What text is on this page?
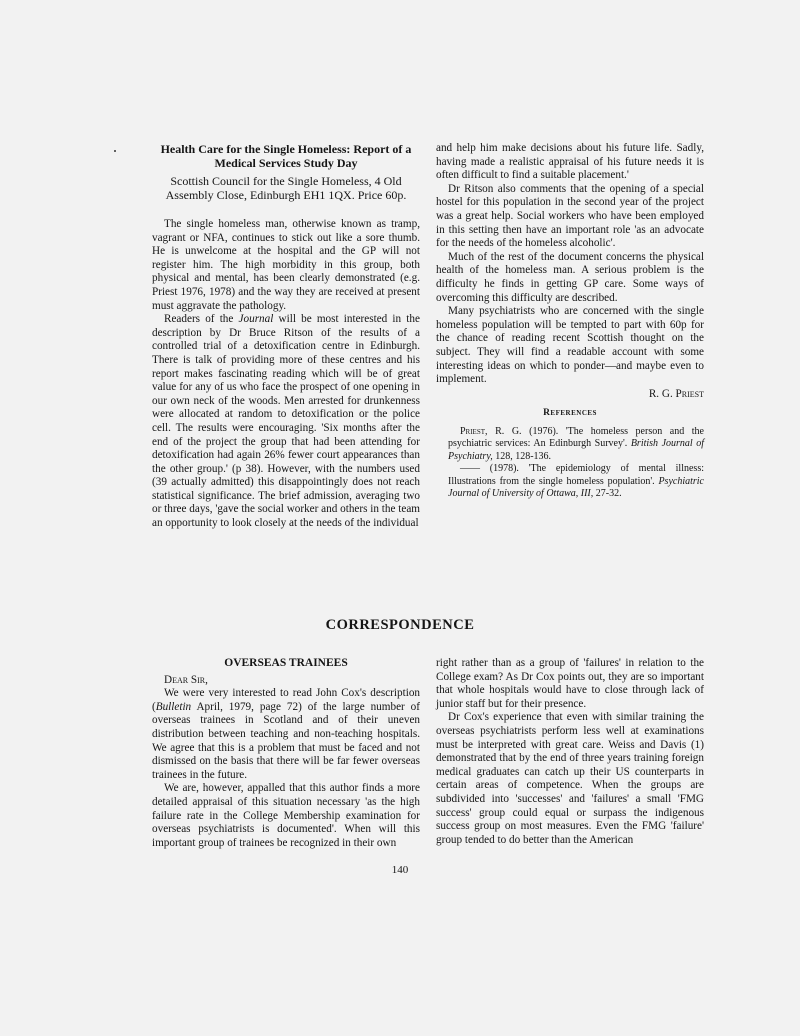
Health Care for the Single Homeless: Report of a Medical Services Study Day
Scottish Council for the Single Homeless, 4 Old Assembly Close, Edinburgh EH1 1QX. Price 60p.

The single homeless man, otherwise known as tramp, vagrant or NFA, continues to stick out like a sore thumb. He is unwelcome at the hospital and the GP will not register him. The high morbidity in this group, both physical and mental, has been clearly demonstrated (e.g. Priest 1976, 1978) and the way they are received at present must aggravate the pathology.

Readers of the Journal will be most interested in the description by Dr Bruce Ritson of the results of a controlled trial of a detoxification centre in Edinburgh. There is talk of providing more of these centres and his report makes fascinating reading which will be of great value for any of us who face the prospect of one opening in our own neck of the woods. Men arrested for drunkenness were allocated at random to detoxification or the police cell. The results were encouraging. 'Six months after the end of the project the group that had been attending for detoxification had again 26% fewer court appearances than the other group.' (p 38). However, with the numbers used (39 actually admitted) this disappointingly does not reach statistical significance. The brief admission, averaging two or three days, 'gave the social worker and others in the team an opportunity to look closely at the needs of the individual

and help him make decisions about his future life. Sadly, having made a realistic appraisal of his future needs it is often difficult to find a suitable placement.'

Dr Ritson also comments that the opening of a special hostel for this population in the second year of the project was a great help. Social workers who have been employed in this setting then have an important role 'as an advocate for the needs of the homeless alcoholic'.

Much of the rest of the document concerns the physical health of the homeless man. A serious problem is the difficulty he finds in getting GP care. Some ways of overcoming this difficulty are described.

Many psychiatrists who are concerned with the single homeless population will be tempted to part with 60p for the chance of reading recent Scottish thought on the subject. They will find a readable account with some interesting ideas on which to ponder—and maybe even to implement.

R. G. Priest
References

Priest, R. G. (1976). 'The homeless person and the psychiatric services: An Edinburgh Survey'. British Journal of Psychiatry, 128, 128-136.

—— (1978). 'The epidemiology of mental illness: Illustrations from the single homeless population'. Psychiatric Journal of University of Ottawa, III, 27-32.

CORRESPONDENCE
OVERSEAS TRAINEES

Dear Sir,

We were very interested to read John Cox's description (Bulletin April, 1979, page 72) of the large number of overseas trainees in Scotland and of their uneven distribution between teaching and non-teaching hospitals. We agree that this is a problem that must be faced and not dismissed on the basis that there will be far fewer overseas trainees in the future.

We are, however, appalled that this author finds a more detailed appraisal of this situation necessary 'as the high failure rate in the College Membership examination for overseas psychiatrists is documented'. When will this important group of trainees be recognized in their own

right rather than as a group of 'failures' in relation to the College exam? As Dr Cox points out, they are so important that whole hospitals would have to close through lack of junior staff but for their presence.

Dr Cox's experience that even with similar training the overseas psychiatrists perform less well at examinations must be interpreted with great care. Weiss and Davis (1) demonstrated that by the end of three years training foreign medical graduates can catch up their US counterparts in certain areas of competence. When the groups are subdivided into 'successes' and 'failures' a small 'FMG success' group could equal or surpass the indigenous success group on most measures. Even the FMG 'failure' group tended to do better than the American

140
